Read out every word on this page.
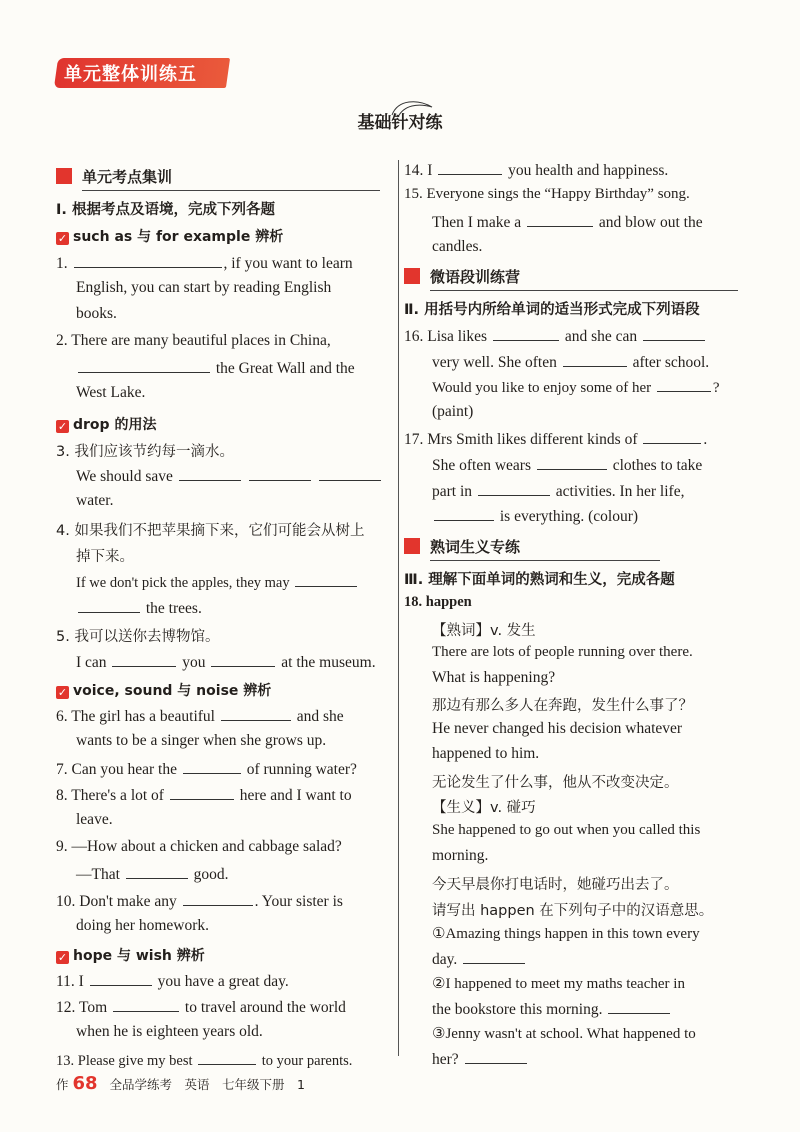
单元整体训练五
基础针对练
单元考点集训
Ⅰ. 根据考点及语境，完成下列各题
✓ such as 与 for example 辨析
1.	, if you want to learn
English, you can start by reading English
books.
2. There are many beautiful places in China,
the Great Wall and the
West Lake.
✓ drop 的用法
3. 我们应该节约每一滴水。
We should save
water.
4. 如果我们不把苹果摘下来，它们可能会从树上
掉下来。
If we don't pick the apples, they may
the trees.
5. 我可以送你去博物馆。
I can	you	at the museum.
✓ voice, sound 与 noise 辨析
6. The girl has a beautiful	and she
wants to be a singer when she grows up.
7. Can you hear the	of running water?
8. There's a lot of	here and I want to
leave.
9. —How about a chicken and cabbage salad?
—That	good.
10. Don't make any	. Your sister is
doing her homework.
✓ hope 与 wish 辨析
11. I	you have a great day.
12. Tom	to travel around the world
when he is eighteen years old.
13. Please give my best	to your parents.
14. I	you health and happiness.
15. Everyone sings the “Happy Birthday” song.
Then I make a	and blow out the
candles.
微语段训练营
Ⅱ. 用括号内所给单词的适当形式完成下列语段
16. Lisa likes	and she can
very well. She often	after school.
Would you like to enjoy some of her	?
(paint)
17. Mrs Smith likes different kinds of	.
She often wears	clothes to take
part in	activities. In her life,
is everything. (colour)
熟词生义专练
Ⅲ. 理解下面单词的熟词和生义，完成各题
18. happen
【熟词】v. 发生
There are lots of people running over there.
What is happening?
那边有那么多人在奔跑，发生什么事了？
He never changed his decision whatever
happened to him.
无论发生了什么事，他从不改变决定。
【生义】v. 碰巧
She happened to go out when you called this
morning.
今天早晨你打电话时，她碰巧出去了。
请写出 happen 在下列句子中的汉语意思。
①Amazing things happen in this town every
day.
②I happened to meet my maths teacher in
the bookstore this morning.
③Jenny wasn't at school. What happened to
her?
作 68 全品学练考　英语　七年级下册　1
